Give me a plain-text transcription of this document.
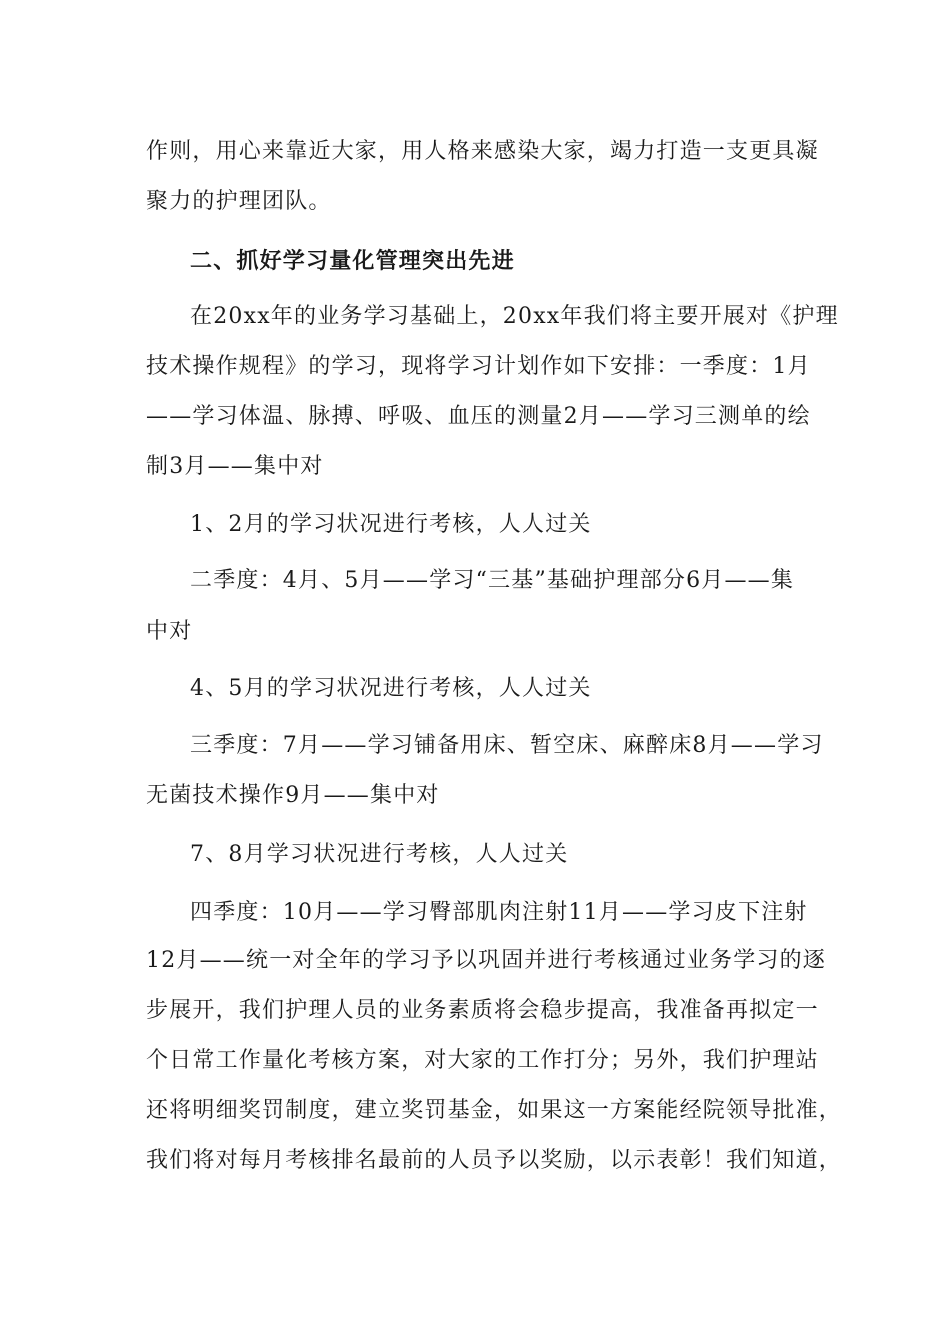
作则，用心来靠近大家，用人格来感染大家，竭力打造一支更具凝
聚力的护理团队。
二、抓好学习量化管理突出先进
在20xx年的业务学习基础上，20xx年我们将主要开展对《护理
技术操作规程》的学习，现将学习计划作如下安排：一季度：1月
——学习体温、脉搏、呼吸、血压的测量2月——学习三测单的绘
制3月——集中对
1、2月的学习状况进行考核，人人过关
二季度：4月、5月——学习“三基”基础护理部分6月——集
中对
4、5月的学习状况进行考核，人人过关
三季度：7月——学习铺备用床、暂空床、麻醉床8月——学习
无菌技术操作9月——集中对
7、8月学习状况进行考核，人人过关
四季度：10月——学习臀部肌肉注射11月——学习皮下注射
12月——统一对全年的学习予以巩固并进行考核通过业务学习的逐
步展开，我们护理人员的业务素质将会稳步提高，我准备再拟定一
个日常工作量化考核方案，对大家的工作打分；另外，我们护理站
还将明细奖罚制度，建立奖罚基金，如果这一方案能经院领导批准，
我们将对每月考核排名最前的人员予以奖励，以示表彰！我们知道，
